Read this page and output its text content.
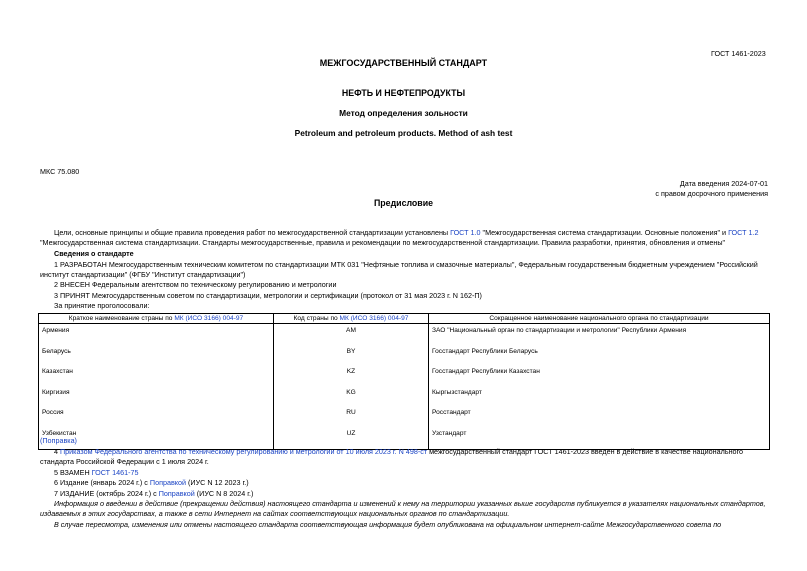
ГОСТ 1461-2023
МЕЖГОСУДАРСТВЕННЫЙ СТАНДАРТ
НЕФТЬ И НЕФТЕПРОДУКТЫ
Метод определения зольности
Petroleum and petroleum products. Method of ash test
МКС 75.080
Дата введения 2024-07-01
с правом досрочного применения
Предисловие
Цели, основные принципы и общие правила проведения работ по межгосударственной стандартизации установлены ГОСТ 1.0 "Межгосударственная система стандартизации. Основные положения" и ГОСТ 1.2 "Межгосударственная система стандартизации. Стандарты межгосударственные, правила и рекомендации по межгосударственной стандартизации. Правила разработки, принятия, обновления и отмены"
Сведения о стандарте
1 РАЗРАБОТАН Межгосударственным техническим комитетом по стандартизации МТК 031 "Нефтяные топлива и смазочные материалы", Федеральным государственным бюджетным учреждением "Российский институт стандартизации" (ФГБУ "Институт стандартизации")
2 ВНЕСЕН Федеральным агентством по техническому регулированию и метрологии
3 ПРИНЯТ Межгосударственным советом по стандартизации, метрологии и сертификации (протокол от 31 мая 2023 г. N 162-П)
За принятие проголосовали:
Краткое наименование страны по МК (ИСО 3166) 004-97	Код страны по МК (ИСО 3166) 004-97	Сокращенное наименование национального органа по стандартизации
Армения	AM	ЗАО "Национальный орган по стандартизации и метрологии" Республики Армения
Беларусь	BY	Госстандарт Республики Беларусь
Казахстан	KZ	Госстандарт Республики Казахстан
Киргизия	KG	Кыргызстандарт
Россия	RU	Росстандарт
Узбекистан	UZ	Узстандарт
(Поправка)
4 Приказом Федерального агентства по техническому регулированию и метрологии от 10 июля 2023 г. N 498-ст межгосударственный стандарт ГОСТ 1461-2023 введен в действие в качестве национального стандарта Российской Федерации с 1 июля 2024 г.
5 ВЗАМЕН ГОСТ 1461-75
6 Издание (январь 2024 г.) с Поправкой (ИУС N 12 2023 г.)
7 ИЗДАНИЕ (октябрь 2024 г.) с Поправкой (ИУС N 8 2024 г.)
Информация о введении в действие (прекращении действия) настоящего стандарта и изменений к нему на территории указанных выше государств публикуется в указателях национальных стандартов, издаваемых в этих государствах, а также в сети Интернет на сайтах соответствующих национальных органов по стандартизации.
В случае пересмотра, изменения или отмены настоящего стандарта соответствующая информация будет опубликована на официальном интернет-сайте Межгосударственного совета по
